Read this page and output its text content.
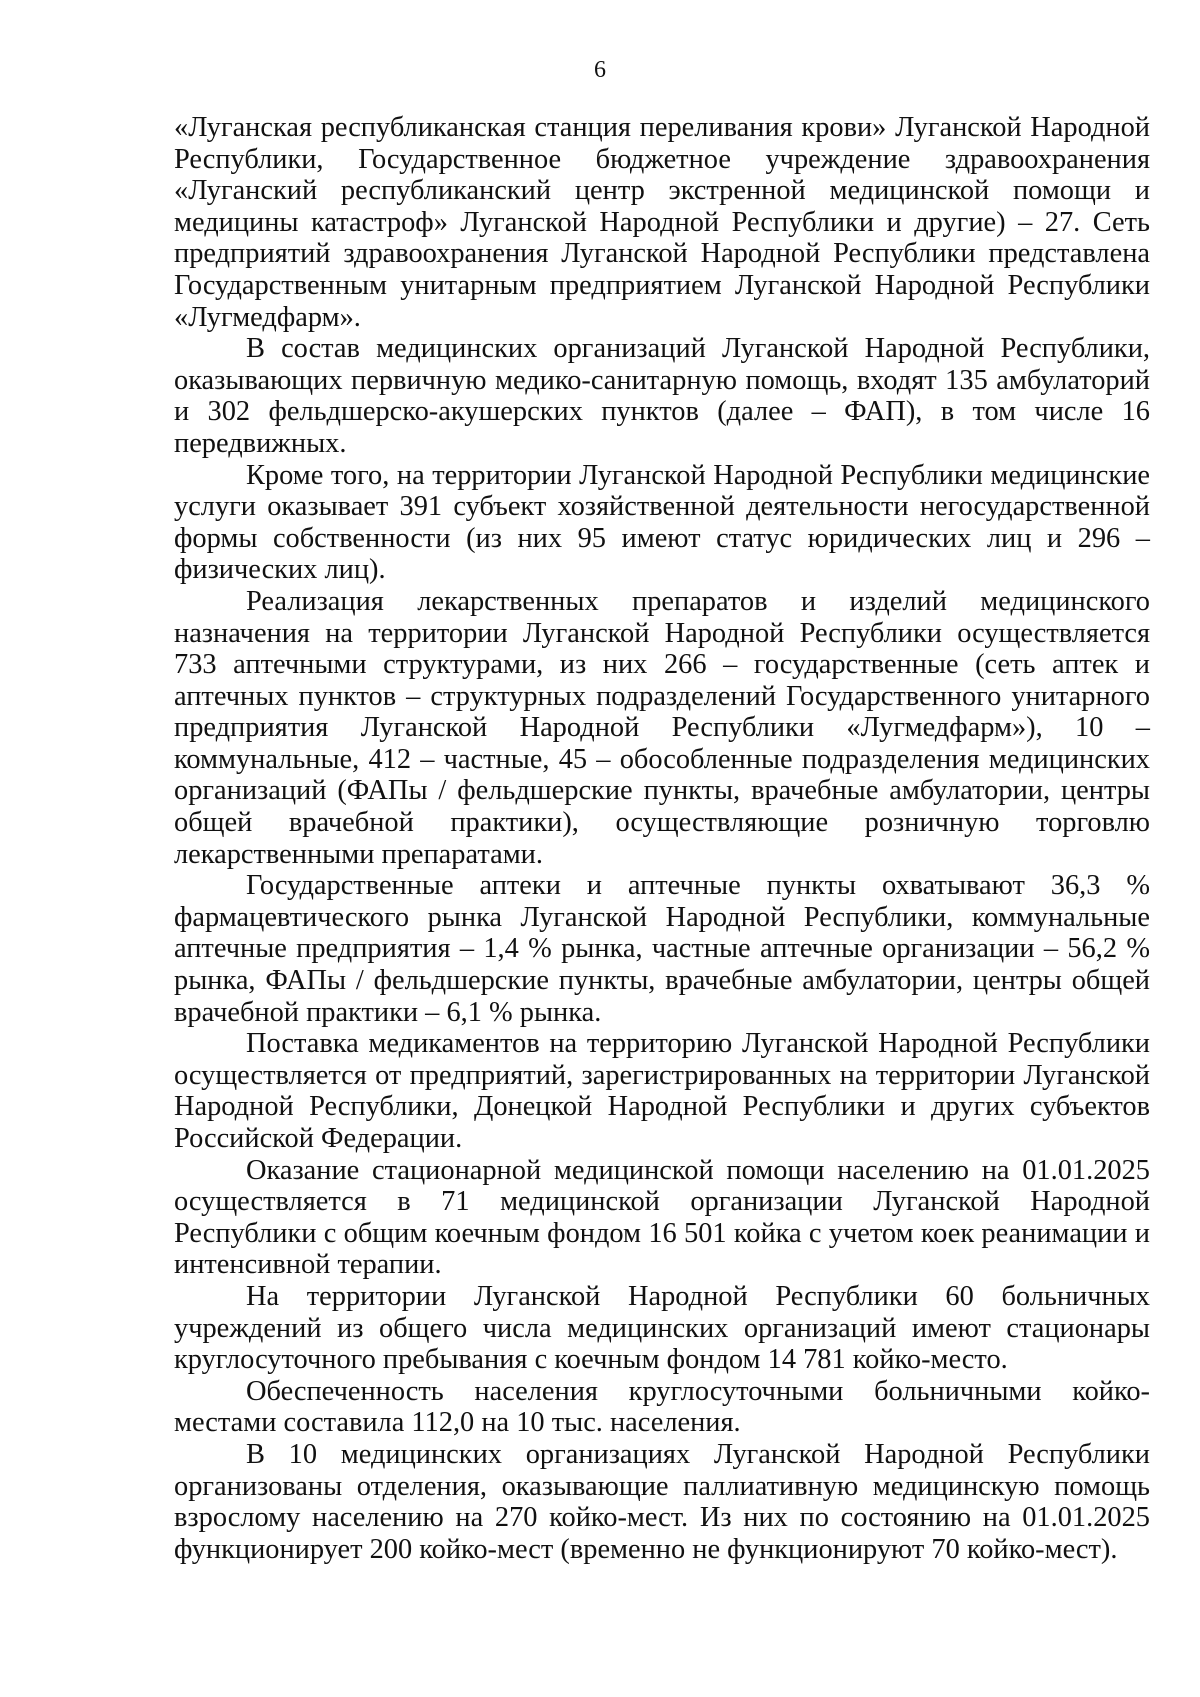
6

«Луганская республиканская станция переливания крови» Луганской Народной Республики, Государственное бюджетное учреждение здравоохранения «Луганский республиканский центр экстренной медицинской помощи и медицины катастроф» Луганской Народной Республики и другие) – 27. Сеть предприятий здравоохранения Луганской Народной Республики представлена Государственным унитарным предприятием Луганской Народной Республики «Лугмедфарм».

В состав медицинских организаций Луганской Народной Республики, оказывающих первичную медико-санитарную помощь, входят 135 амбулаторий и 302 фельдшерско-акушерских пунктов (далее – ФАП), в том числе 16 передвижных.

Кроме того, на территории Луганской Народной Республики медицинские услуги оказывает 391 субъект хозяйственной деятельности негосударственной формы собственности (из них 95 имеют статус юридических лиц и 296 – физических лиц).

Реализация лекарственных препаратов и изделий медицинского назначения на территории Луганской Народной Республики осуществляется 733 аптечными структурами, из них 266 – государственные (сеть аптек и аптечных пунктов – структурных подразделений Государственного унитарного предприятия Луганской Народной Республики «Лугмедфарм»), 10 – коммунальные, 412 – частные, 45 – обособленные подразделения медицинских организаций (ФАПы / фельдшерские пункты, врачебные амбулатории, центры общей врачебной практики), осуществляющие розничную торговлю лекарственными препаратами.

Государственные аптеки и аптечные пункты охватывают 36,3 % фармацевтического рынка Луганской Народной Республики, коммунальные аптечные предприятия – 1,4 % рынка, частные аптечные организации – 56,2 % рынка, ФАПы / фельдшерские пункты, врачебные амбулатории, центры общей врачебной практики – 6,1 % рынка.

Поставка медикаментов на территорию Луганской Народной Республики осуществляется от предприятий, зарегистрированных на территории Луганской Народной Республики, Донецкой Народной Республики и других субъектов Российской Федерации.

Оказание стационарной медицинской помощи населению на 01.01.2025 осуществляется в 71 медицинской организации Луганской Народной Республики с общим коечным фондом 16 501 койка с учетом коек реанимации и интенсивной терапии.

На территории Луганской Народной Республики 60 больничных учреждений из общего числа медицинских организаций имеют стационары круглосуточного пребывания с коечным фондом 14 781 койко-место.

Обеспеченность населения круглосуточными больничными койко-местами составила 112,0 на 10 тыс. населения.

В 10 медицинских организациях Луганской Народной Республики организованы отделения, оказывающие паллиативную медицинскую помощь взрослому населению на 270 койко-мест. Из них по состоянию на 01.01.2025 функционирует 200 койко-мест (временно не функционируют 70 койко-мест).
